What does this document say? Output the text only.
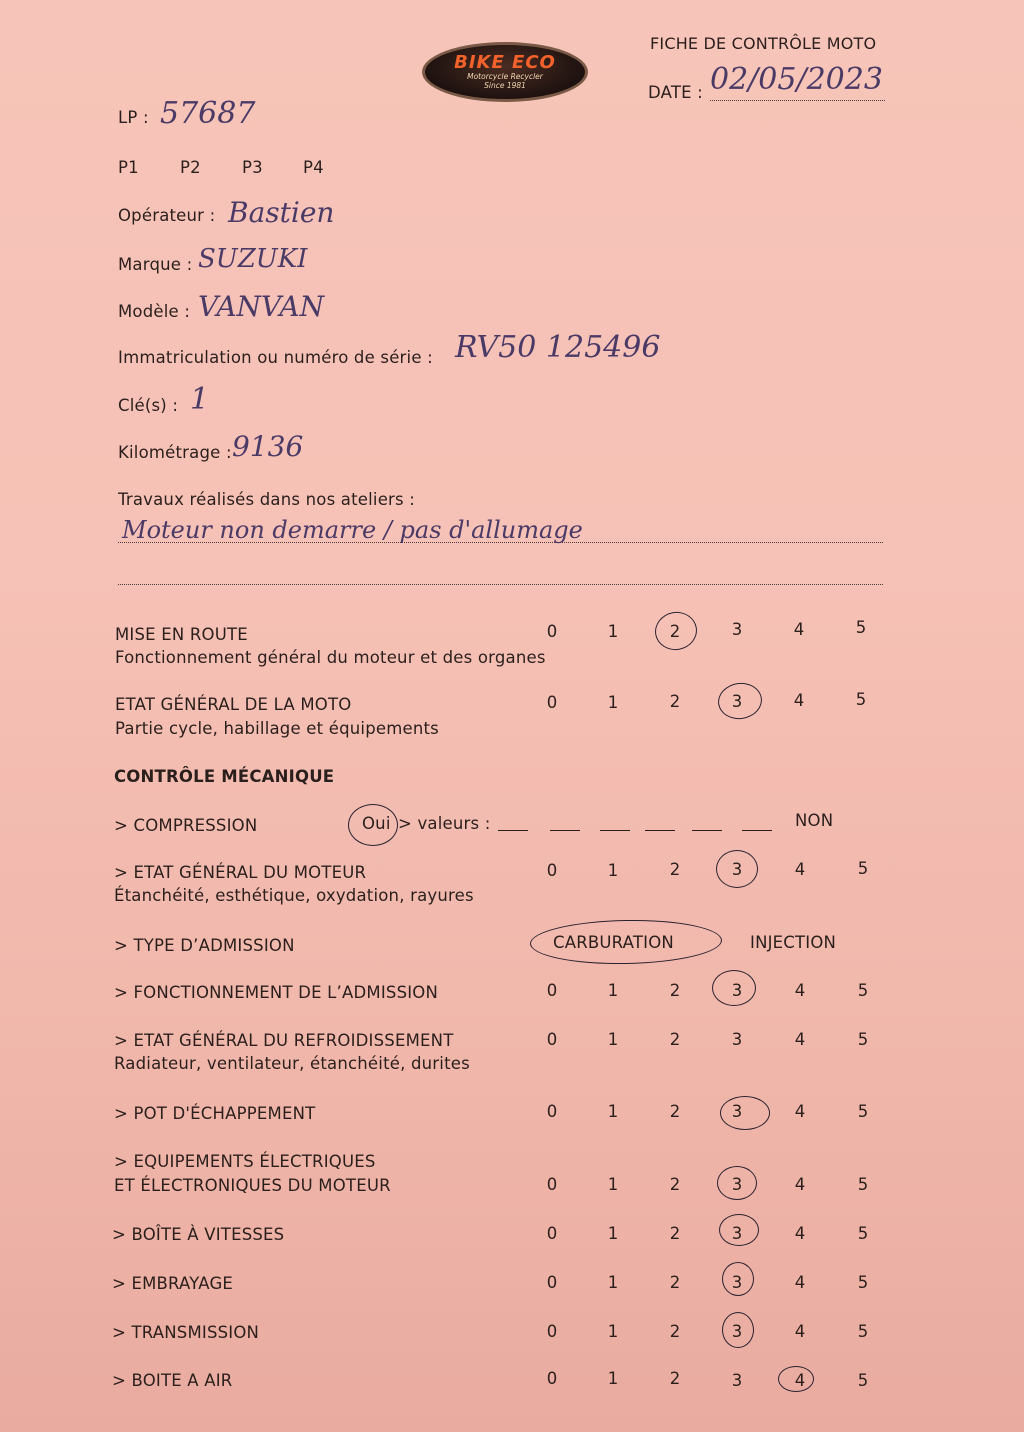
BIKE ECO
Motorcycle Recycler
Since 1981
FICHE DE CONTRÔLE MOTO
DATE : 02/05/2023
LP : 57687
P1 P2 P3 P4
Opérateur : Bastien
Marque : SUZUKI
Modèle : VANVAN
Immatriculation ou numéro de série : RV50 125496
Clé(s) : 1
Kilométrage : 9136
Travaux réalisés dans nos ateliers :
Moteur non demarre / pas d'allumage
MISE EN ROUTE
Fonctionnement général du moteur et des organes
0	1	2	3	4	5
ETAT GÉNÉRAL DE LA MOTO
Partie cycle, habillage et équipements
0	1	2	3	4	5
CONTRÔLE MÉCANIQUE
> COMPRESSION	Oui > valeurs :	NON
> ETAT GÉNÉRAL DU MOTEUR
Étanchéité, esthétique, oxydation, rayures
0	1	2	3	4	5
> TYPE D’ADMISSION	CARBURATION	INJECTION
> FONCTIONNEMENT DE L’ADMISSION	0	1	2	3	4	5
> ETAT GÉNÉRAL DU REFROIDISSEMENT
Radiateur, ventilateur, étanchéité, durites
0	1	2	3	4	5
> POT D'ÉCHAPPEMENT	0	1	2	3	4	5
> EQUIPEMENTS ÉLECTRIQUES
ET ÉLECTRONIQUES DU MOTEUR	0	1	2	3	4	5
> BOÎTE À VITESSES	0	1	2	3	4	5
> EMBRAYAGE	0	1	2	3	4	5
> TRANSMISSION	0	1	2	3	4	5
> BOITE A AIR	0	1	2	3	4	5
